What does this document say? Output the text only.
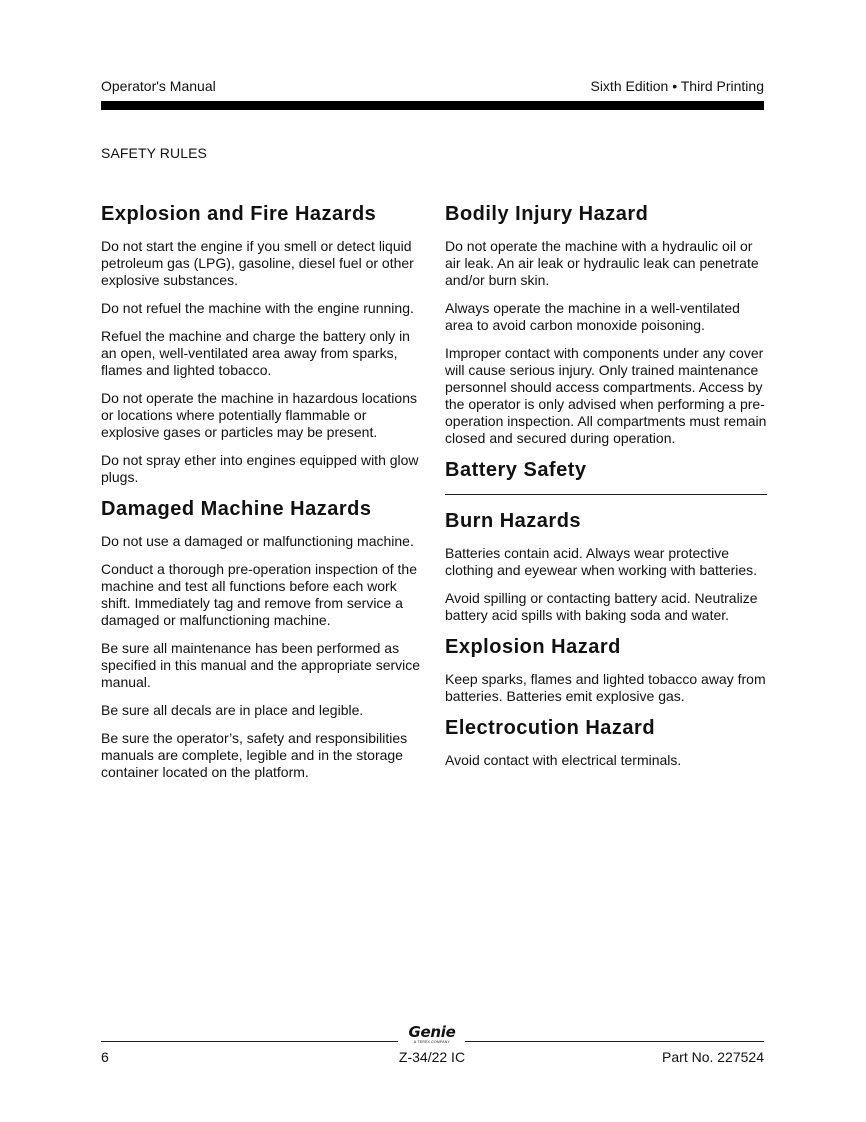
Operator's Manual	Sixth Edition • Third Printing
SAFETY RULES
Explosion and Fire Hazards

Do not start the engine if you smell or detect liquid petroleum gas (LPG), gasoline, diesel fuel or other explosive substances.

Do not refuel the machine with the engine running.

Refuel the machine and charge the battery only in an open, well-ventilated area away from sparks, flames and lighted tobacco.

Do not operate the machine in hazardous locations or locations where potentially flammable or explosive gases or particles may be present.

Do not spray ether into engines equipped with glow plugs.

Damaged Machine Hazards

Do not use a damaged or malfunctioning machine.

Conduct a thorough pre-operation inspection of the machine and test all functions before each work shift. Immediately tag and remove from service a damaged or malfunctioning machine.

Be sure all maintenance has been performed as specified in this manual and the appropriate service manual.

Be sure all decals are in place and legible.

Be sure the operator’s, safety and responsibilities manuals are complete, legible and in the storage container located on the platform.

Bodily Injury Hazard

Do not operate the machine with a hydraulic oil or air leak. An air leak or hydraulic leak can penetrate and/or burn skin.

Always operate the machine in a well-ventilated area to avoid carbon monoxide poisoning.

Improper contact with components under any cover will cause serious injury. Only trained maintenance personnel should access compartments. Access by the operator is only advised when performing a pre-operation inspection. All compartments must remain closed and secured during operation.

Battery Safety
Burn Hazards

Batteries contain acid. Always wear protective clothing and eyewear when working with batteries.

Avoid spilling or contacting battery acid. Neutralize battery acid spills with baking soda and water.

Explosion Hazard

Keep sparks, flames and lighted tobacco away from batteries. Batteries emit explosive gas.

Electrocution Hazard

Avoid contact with electrical terminals.

Genie
A TEREX COMPANY
6	Z-34/22 IC	Part No. 227524
